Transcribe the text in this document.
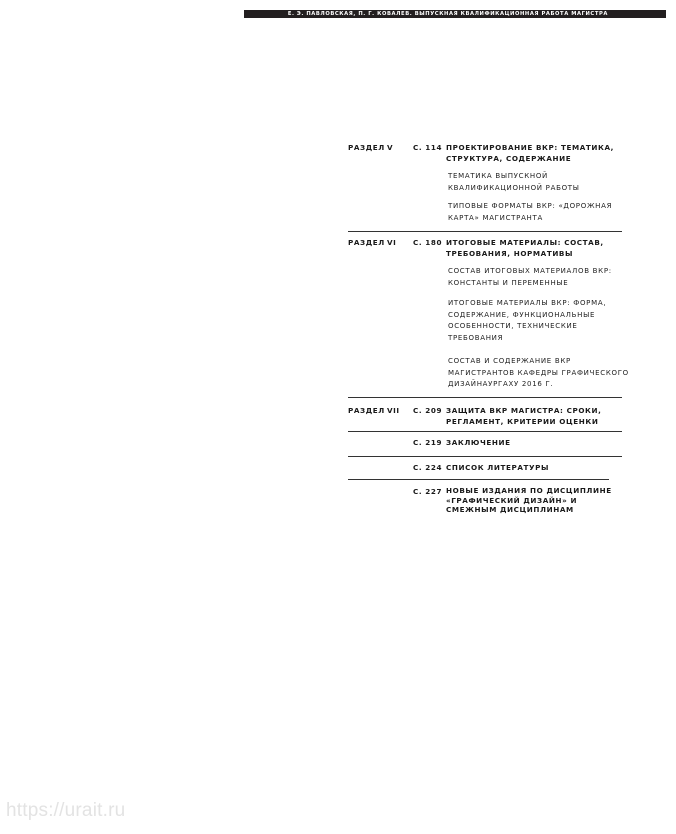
Е. Э. ПАВЛОВСКАЯ, П. Г. КОВАЛЕВ. ВЫПУСКНАЯ КВАЛИФИКАЦИОННАЯ РАБОТА МАГИСТРА
РАЗДЕЛ V	С. 114 ПРОЕКТИРОВАНИЕ ВКР: ТЕМАТИКА, СТРУКТУРА, СОДЕРЖАНИЕ
ТЕМАТИКА ВЫПУСКНОЙ КВАЛИФИКАЦИОННОЙ РАБОТЫ
ТИПОВЫЕ ФОРМАТЫ ВКР: «ДОРОЖНАЯ КАРТА» МАГИСТРАНТА
РАЗДЕЛ VI С. 180 ИТОГОВЫЕ МАТЕРИАЛЫ: СОСТАВ, ТРЕБОВАНИЯ, НОРМАТИВЫ
СОСТАВ ИТОГОВЫХ МАТЕРИАЛОВ ВКР: КОНСТАНТЫ И ПЕРЕМЕННЫЕ
ИТОГОВЫЕ МАТЕРИАЛЫ ВКР: ФОРМА, СОДЕРЖАНИЕ, ФУНКЦИОНАЛЬНЫЕ ОСОБЕННОСТИ, ТЕХНИЧЕСКИЕ ТРЕБОВАНИЯ
СОСТАВ И СОДЕРЖАНИЕ ВКР МАГИСТРАНТОВ КАФЕДРЫ ГРАФИЧЕСКОГО ДИЗАЙНАУРГАХУ 2016 Г.
РАЗДЕЛ VII С. 209 ЗАЩИТА ВКР МАГИСТРА: СРОКИ, РЕГЛАМЕНТ, КРИТЕРИИ ОЦЕНКИ
С. 219 ЗАКЛЮЧЕНИЕ
С. 224 СПИСОК ЛИТЕРАТУРЫ
С. 227 НОВЫЕ ИЗДАНИЯ ПО ДИСЦИПЛИНЕ «ГРАФИЧЕСКИЙ ДИЗАЙН» И СМЕЖНЫМ ДИСЦИПЛИНАМ
https://urait.ru
